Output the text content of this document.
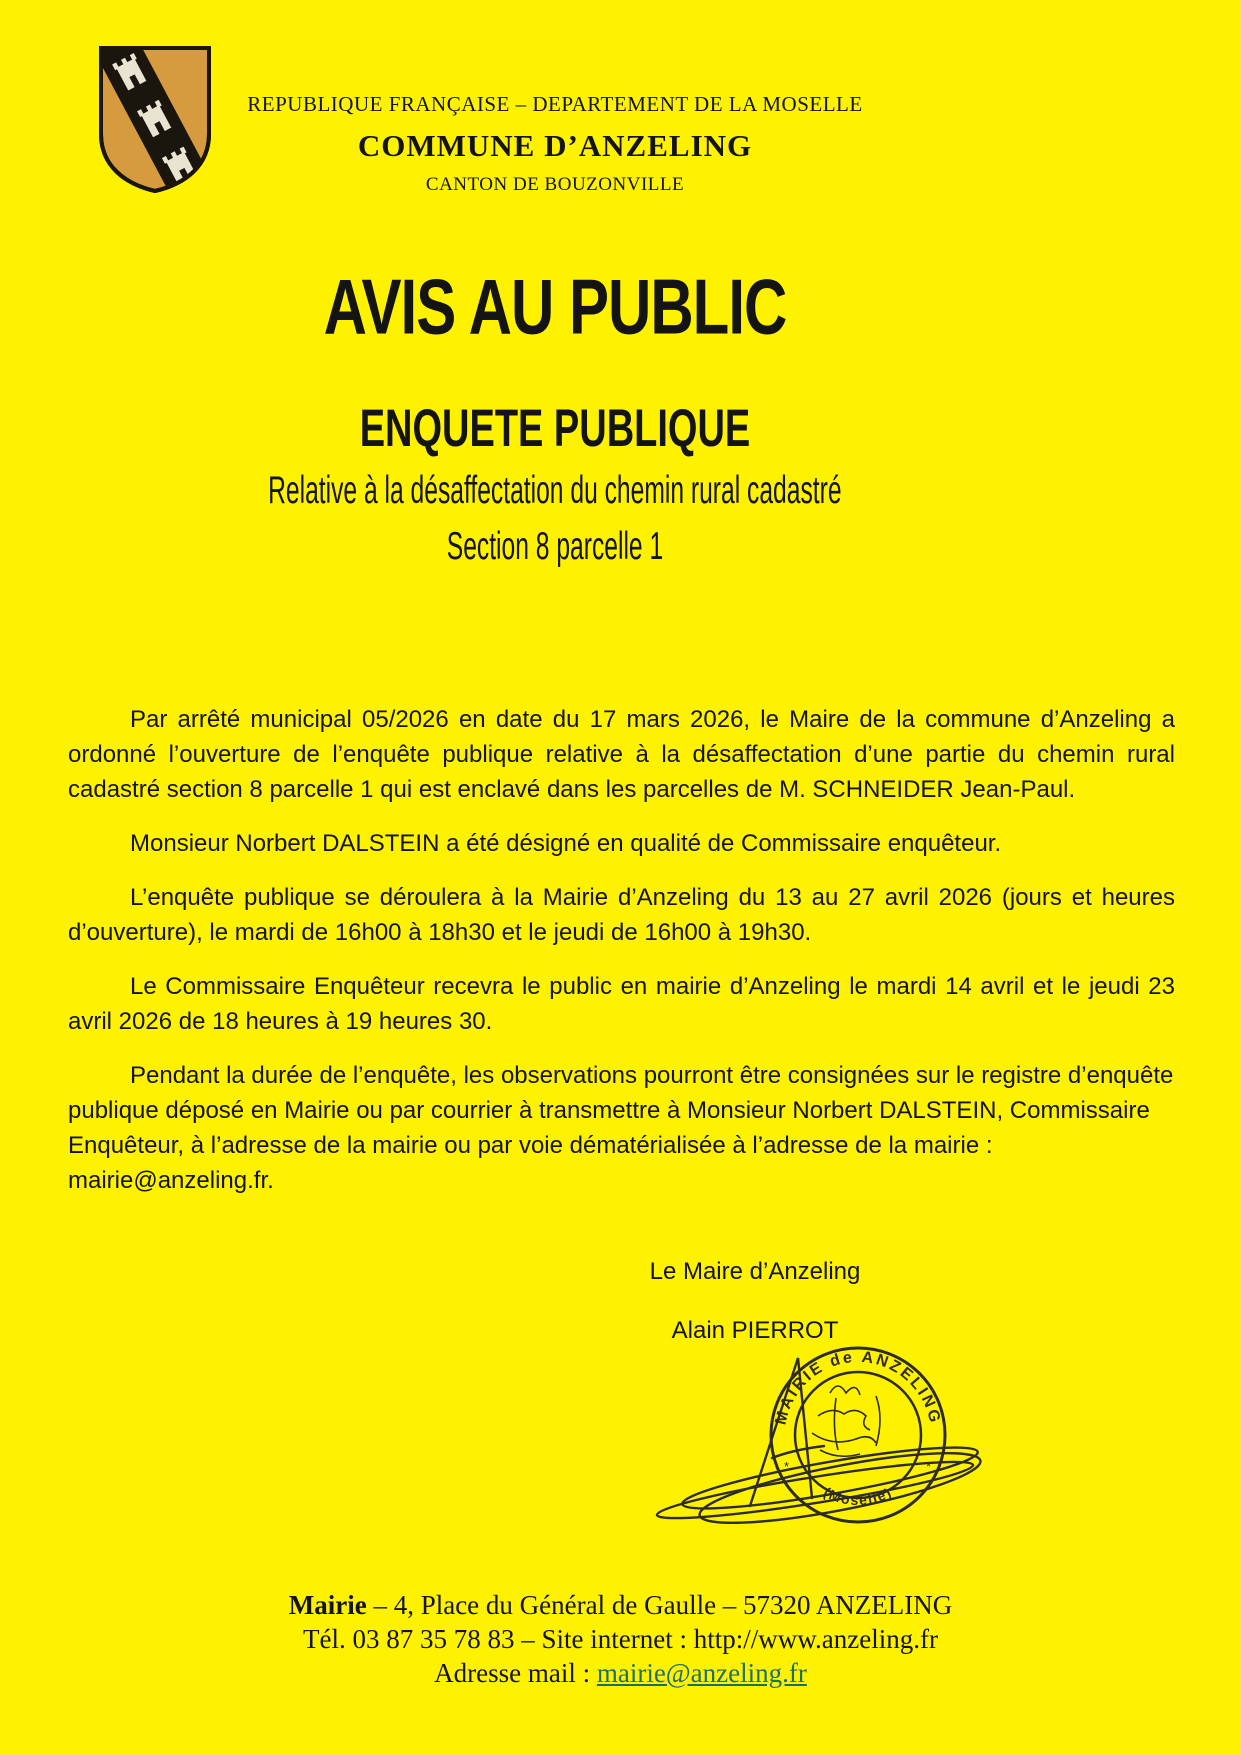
REPUBLIQUE FRANÇAISE – DEPARTEMENT DE LA MOSELLE
COMMUNE D’ANZELING
CANTON DE BOUZONVILLE
AVIS AU PUBLIC
ENQUETE PUBLIQUE
Relative à la désaffectation du chemin rural cadastré
Section 8 parcelle 1

Par arrêté municipal 05/2026 en date du 17 mars 2026, le Maire de la commune d’Anzeling a ordonné l’ouverture de l’enquête publique relative à la désaffectation d’une partie du chemin rural cadastré section 8 parcelle 1 qui est enclavé dans les parcelles de M. SCHNEIDER Jean-Paul.

Monsieur Norbert DALSTEIN a été désigné en qualité de Commissaire enquêteur.

L’enquête publique se déroulera à la Mairie d’Anzeling du 13 au 27 avril 2026 (jours et heures d’ouverture), le mardi de 16h00 à 18h30 et le jeudi de 16h00 à 19h30.

Le Commissaire Enquêteur recevra le public en mairie d’Anzeling le mardi 14 avril et le jeudi 23 avril 2026 de 18 heures à 19 heures 30.

Pendant la durée de l’enquête, les observations pourront être consignées sur le registre d’enquête publique déposé en Mairie ou par courrier à transmettre à Monsieur Norbert DALSTEIN, Commissaire Enquêteur, à l’adresse de la mairie ou par voie dématérialisée à l’adresse de la mairie : mairie@anzeling.fr.

Le Maire d’Anzeling
Alain PIERROT
MAIRIE de ANZELING
(Moselle)
*	*
Mairie – 4, Place du Général de Gaulle – 57320 ANZELING
Tél. 03 87 35 78 83 – Site internet : http://www.anzeling.fr
Adresse mail : mairie@anzeling.fr
